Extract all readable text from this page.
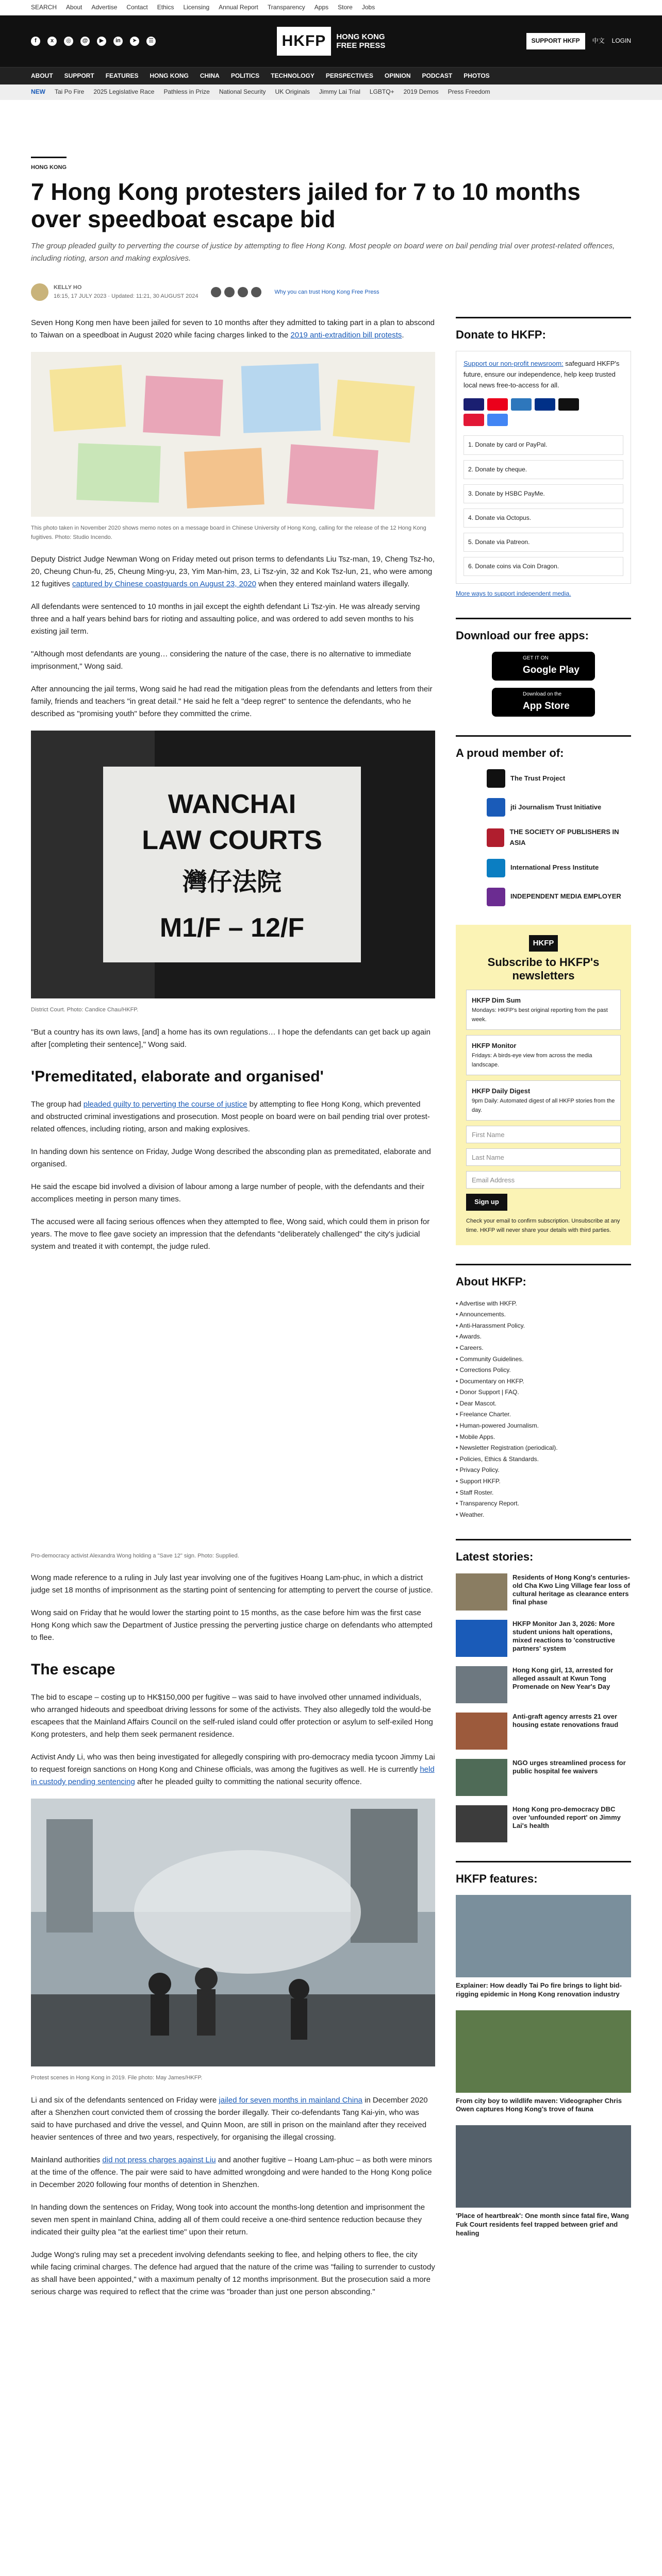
SEARCH About Advertise Contact Ethics Licensing Annual Report Transparency Apps Store Jobs
f	x	◎	@	▶	in	➤	☰	HKFP	HONG KONG
FREE PRESS
SUPPORT HKFP	中文 LOGIN
ABOUT SUPPORT FEATURES HONG KONG CHINA POLITICS TECHNOLOGY PERSPECTIVES OPINION PODCAST PHOTOS
NEW Tai Po Fire 2025 Legislative Race Pathless in Prize National Security UK Originals Jimmy Lai Trial LGBTQ+ 2019 Demos Press Freedom
HONG KONG
7 Hong Kong protesters jailed for 7 to 10 months over speedboat escape bid

The group pleaded guilty to perverting the course of justice by attempting to flee Hong Kong. Most people on board were on bail pending trial over protest-related offences, including rioting, arson and making explosives.

KELLY HO
16:15, 17 JULY 2023 · Updated: 11:21, 30 AUGUST 2024
Why you can trust Hong Kong Free Press

Seven Hong Kong men have been jailed for seven to 10 months after they admitted to taking part in a plan to abscond to Taiwan on a speedboat in August 2020 while facing charges linked to the 2019 anti-extradition bill protests.

This photo taken in November 2020 shows memo notes on a message board in Chinese University of Hong Kong, calling for the release of the 12 Hong Kong fugitives. Photo: Studio Incendo.

Deputy District Judge Newman Wong on Friday meted out prison terms to defendants Liu Tsz-man, 19, Cheng Tsz-ho, 20, Cheung Chun-fu, 25, Cheung Ming-yu, 23, Yim Man-him, 23, Li Tsz-yin, 32 and Kok Tsz-lun, 21, who were among 12 fugitives captured by Chinese coastguards on August 23, 2020 when they entered mainland waters illegally.

All defendants were sentenced to 10 months in jail except the eighth defendant Li Tsz-yin. He was already serving three and a half years behind bars for rioting and assaulting police, and was ordered to add seven months to his existing jail term.

"Although most defendants are young… considering the nature of the case, there is no alternative to immediate imprisonment," Wong said.

After announcing the jail terms, Wong said he had read the mitigation pleas from the defendants and letters from their family, friends and teachers "in great detail." He said he felt a "deep regret" to sentence the defendants, who he described as "promising youth" before they committed the crime.

WANCHAI
LAW COURTS
灣仔法院
M1/F – 12/F
District Court. Photo: Candice Chau/HKFP.

"But a country has its own laws, [and] a home has its own regulations… I hope the defendants can get back up again after [completing their sentence]," Wong said.

'Premeditated, elaborate and organised'

The group had pleaded guilty to perverting the course of justice by attempting to flee Hong Kong, which prevented and obstructed criminal investigations and prosecution. Most people on board were on bail pending trial over protest-related offences, including rioting, arson and making explosives.

In handing down his sentence on Friday, Judge Wong described the absconding plan as premeditated, elaborate and organised.

He said the escape bid involved a division of labour among a large number of people, with the defendants and their accomplices meeting in person many times.

The accused were all facing serious offences when they attempted to flee, Wong said, which could them in prison for years. The move to flee gave society an impression that the defendants "deliberately challenged" the city's judicial system and treated it with contempt, the judge ruled.

Pro-democracy activist Alexandra Wong holding a "Save 12" sign. Photo: Supplied.

Wong made reference to a ruling in July last year involving one of the fugitives Hoang Lam-phuc, in which a district judge set 18 months of imprisonment as the starting point of sentencing for attempting to pervert the course of justice.

Wong said on Friday that he would lower the starting point to 15 months, as the case before him was the first case Hong Kong which saw the Department of Justice pressing the perverting justice charge on defendants who attempted to flee.

The escape

The bid to escape – costing up to HK$150,000 per fugitive – was said to have involved other unnamed individuals, who arranged hideouts and speedboat driving lessons for some of the activists. They also allegedly told the would-be escapees that the Mainland Affairs Council on the self-ruled island could offer protection or asylum to self-exiled Hong Kong protesters, and help them seek permanent residence.

Activist Andy Li, who was then being investigated for allegedly conspiring with pro-democracy media tycoon Jimmy Lai to request foreign sanctions on Hong Kong and Chinese officials, was among the fugitives as well. He is currently held in custody pending sentencing after he pleaded guilty to committing the national security offence.

Protest scenes in Hong Kong in 2019. File photo: May James/HKFP.

Li and six of the defendants sentenced on Friday were jailed for seven months in mainland China in December 2020 after a Shenzhen court convicted them of crossing the border illegally. Their co-defendants Tang Kai-yin, who was said to have purchased and drive the vessel, and Quinn Moon, are still in prison on the mainland after they received heavier sentences of three and two years, respectively, for organising the illegal crossing.

Mainland authorities did not press charges against Liu and another fugitive – Hoang Lam-phuc – as both were minors at the time of the offence. The pair were said to have admitted wrongdoing and were handed to the Hong Kong police in December 2020 following four months of detention in Shenzhen.

In handing down the sentences on Friday, Wong took into account the months-long detention and imprisonment the seven men spent in mainland China, adding all of them could receive a one-third sentence reduction because they indicated their guilty plea "at the earliest time" upon their return.

Judge Wong's ruling may set a precedent involving defendants seeking to flee, and helping others to flee, the city while facing criminal charges. The defence had argued that the nature of the crime was "failing to surrender to custody as shall have been appointed," with a maximum penalty of 12 months imprisonment. But the prosecution said a more serious charge was required to reflect that the crime was "broader than just one person absconding."

Donate to HKFP:

Support our non-profit newsroom: safeguard HKFP's future, ensure our independence, help keep trusted local news free-to-access for all.

1. Donate by card or PayPal.
2. Donate by cheque.
3. Donate by HSBC PayMe.
4. Donate via Octopus.
5. Donate via Patreon.
6. Donate coins via Coin Dragon.

More ways to support independent media.

Download our free apps:
GET IT ON
Google Play
Download on the
App Store
A proud member of:
The Trust Project
jti Journalism Trust Initiative
THE SOCIETY OF PUBLISHERS IN ASIA
International Press Institute
INDEPENDENT MEDIA EMPLOYER
HKFP
Subscribe to HKFP's newsletters
HKFP Dim Sum
Mondays: HKFP's best original reporting from the past week.
HKFP Monitor
Fridays: A birds-eye view from across the media landscape.
HKFP Daily Digest
9pm Daily: Automated digest of all HKFP stories from the day.
First Name
Last Name
Email Address
Sign up

Check your email to confirm subscription. Unsubscribe at any time. HKFP will never share your details with third parties.

About HKFP:
• Advertise with HKFP.
• Announcements.
• Anti-Harassment Policy.
• Awards.
• Careers.
• Community Guidelines.
• Corrections Policy.
• Documentary on HKFP.
• Donor Support | FAQ.
• Dear Mascot.
• Freelance Charter.
• Human-powered Journalism.
• Mobile Apps.
• Newsletter Registration (periodical).
• Policies, Ethics & Standards.
• Privacy Policy.
• Support HKFP.
• Staff Roster.
• Transparency Report.
• Weather.
Latest stories:
Residents of Hong Kong's centuries-old Cha Kwo Ling Village fear loss of cultural heritage as clearance enters final phase
HKFP Monitor Jan 3, 2026: More student unions halt operations, mixed reactions to 'constructive partners' system
Hong Kong girl, 13, arrested for alleged assault at Kwun Tong Promenade on New Year's Day
Anti-graft agency arrests 21 over housing estate renovations fraud
NGO urges streamlined process for public hospital fee waivers
Hong Kong pro-democracy DBC over 'unfounded report' on Jimmy Lai's health
HKFP features:
Explainer: How deadly Tai Po fire brings to light bid-rigging epidemic in Hong Kong renovation industry
From city boy to wildlife maven: Videographer Chris Owen captures Hong Kong's trove of fauna
'Place of heartbreak': One month since fatal fire, Wang Fuk Court residents feel trapped between grief and healing
